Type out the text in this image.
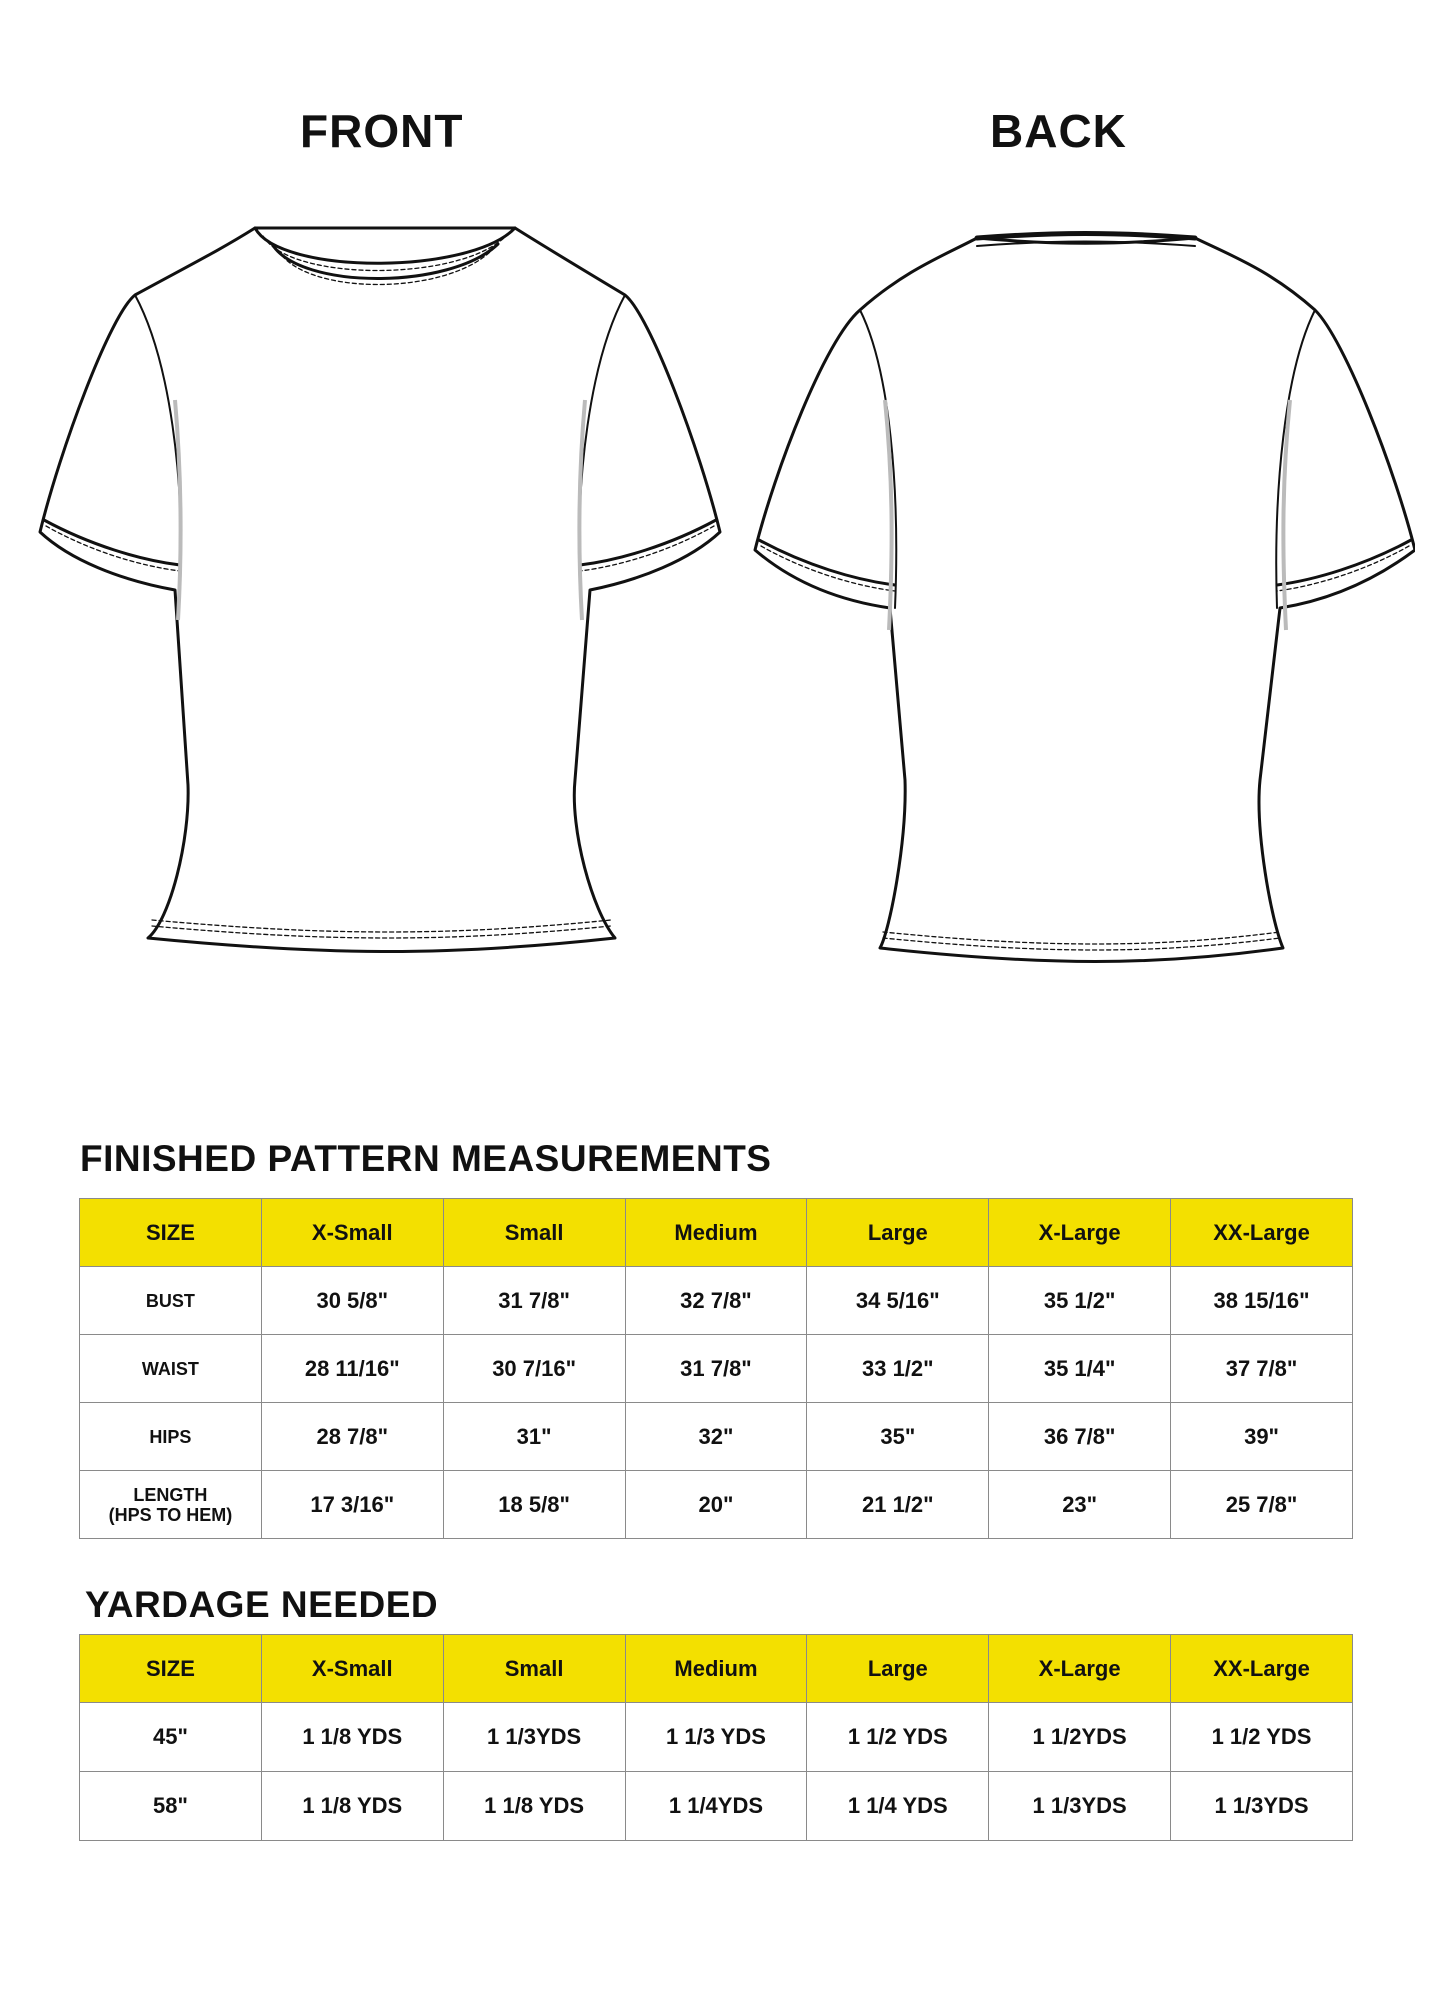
FRONT	BACK
FINISHED PATTERN MEASUREMENTS
SIZE	X-Small	Small	Medium	Large	X-Large	XX-Large
BUST	30 5/8"	31 7/8"	32 7/8"	34 5/16"	35 1/2"	38 15/16"
WAIST	28 11/16"	30 7/16"	31 7/8"	33 1/2"	35 1/4"	37 7/8"
HIPS	28 7/8"	31"	32"	35"	36 7/8"	39"

LENGTH
(HPS TO HEM)	17 3/16"	18 5/8"	20"	21 1/2"	23"	25 7/8"
YARDAGE NEEDED
SIZE	X-Small	Small	Medium	Large	X-Large	XX-Large
45"	1 1/8 YDS	1 1/3YDS	1 1/3 YDS	1 1/2 YDS	1 1/2YDS	1 1/2 YDS
58"	1 1/8 YDS	1 1/8 YDS	1 1/4YDS	1 1/4 YDS	1 1/3YDS	1 1/3YDS
